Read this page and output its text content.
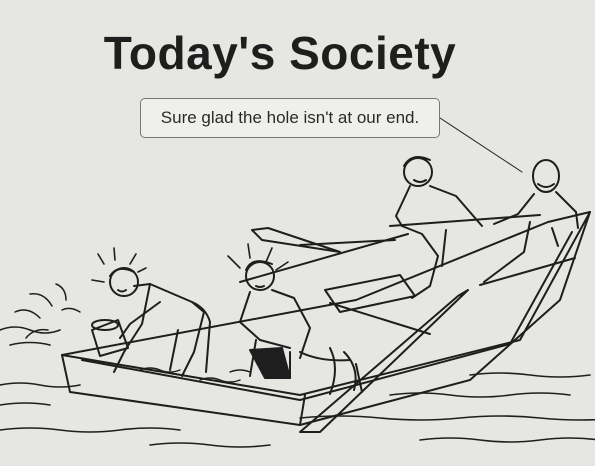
Today's Society
Sure glad the hole isn't at our end.
